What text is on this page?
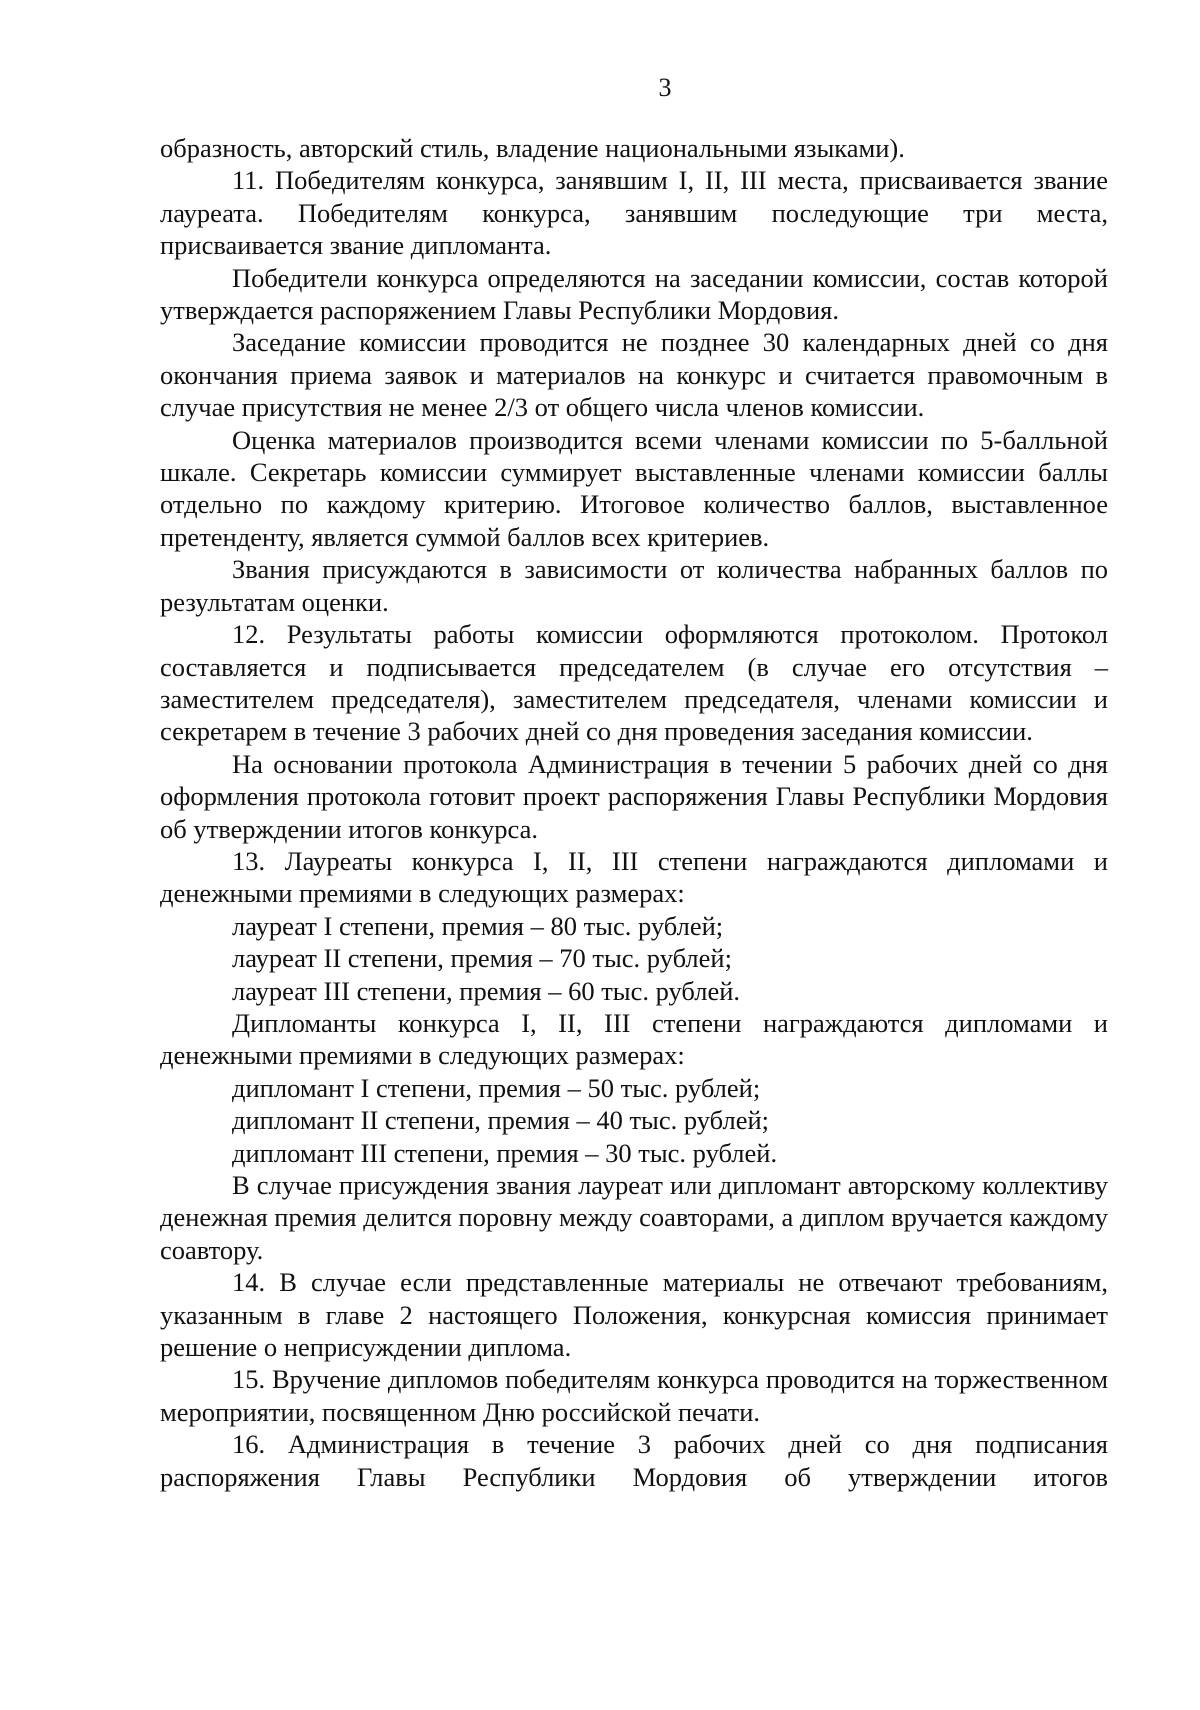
3

образность, авторский стиль, владение национальными языками).

11. Победителям конкурса, занявшим I, II, III места, присваивается звание лауреата. Победителям конкурса, занявшим последующие три места, присваивается звание дипломанта.

Победители конкурса определяются на заседании комиссии, состав которой утверждается распоряжением Главы Республики Мордовия.

Заседание комиссии проводится не позднее 30 календарных дней со дня окончания приема заявок и материалов на конкурс и считается правомочным в случае присутствия не менее 2/3 от общего числа членов комиссии.

Оценка материалов производится всеми членами комиссии по 5-балльной шкале. Секретарь комиссии суммирует выставленные членами комиссии баллы отдельно по каждому критерию. Итоговое количество баллов, выставленное претенденту, является суммой баллов всех критериев.

Звания присуждаются в зависимости от количества набранных баллов по результатам оценки.

12. Результаты работы комиссии оформляются протоколом. Протокол составляется и подписывается председателем (в случае его отсутствия – заместителем председателя), заместителем председателя, членами комиссии и секретарем в течение 3 рабочих дней со дня проведения заседания комиссии.

На основании протокола Администрация в течении 5 рабочих дней со дня оформления протокола готовит проект распоряжения Главы Республики Мордовия об утверждении итогов конкурса.

13. Лауреаты конкурса I, II, III степени награждаются дипломами и денежными премиями в следующих размерах:

лауреат I степени, премия – 80 тыс. рублей;

лауреат II степени, премия – 70 тыс. рублей;

лауреат III степени, премия – 60 тыс. рублей.

Дипломанты конкурса I, II, III степени награждаются дипломами и денежными премиями в следующих размерах:

дипломант I степени, премия – 50 тыс. рублей;

дипломант II степени, премия – 40 тыс. рублей;

дипломант III степени, премия – 30 тыс. рублей.

В случае присуждения звания лауреат или дипломант авторскому коллективу денежная премия делится поровну между соавторами, а диплом вручается каждому соавтору.

14. В случае если представленные материалы не отвечают требованиям, указанным в главе 2 настоящего Положения, конкурсная комиссия принимает решение о неприсуждении диплома.

15. Вручение дипломов победителям конкурса проводится на торжественном мероприятии, посвященном Дню российской печати.

16. Администрация в течение 3 рабочих дней со дня подписания распоряжения Главы Республики Мордовия об утверждении итогов
